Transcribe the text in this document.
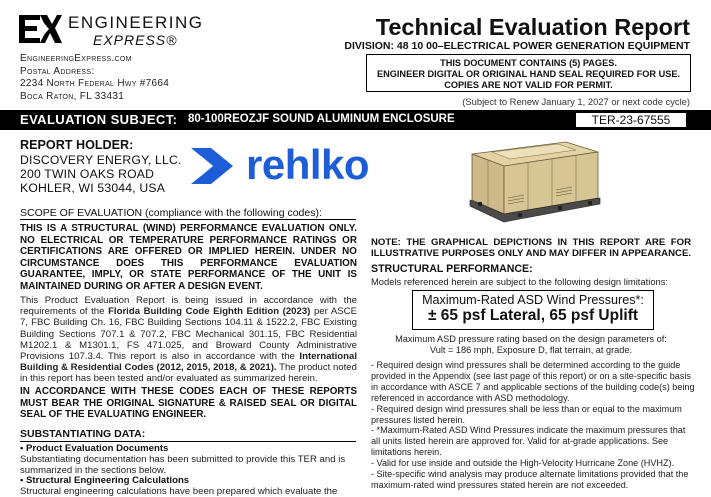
ENGINEERING
EXPRESS®
EngineeringExpress.com
Postal Address:
2234 North Federal Hwy #7664
Boca Raton, FL 33431
Technical Evaluation Report
DIVISION: 48 10 00–ELECTRICAL POWER GENERATION EQUIPMENT
THIS DOCUMENT CONTAINS (5) PAGES.
ENGINEER DIGITAL OR ORIGINAL HAND SEAL REQUIRED FOR USE.
COPIES ARE NOT VALID FOR PERMIT.
(Subject to Renew January 1, 2027 or next code cycle)
EVALUATION SUBJECT: 80-100REOZJF SOUND ALUMINUM ENCLOSURE	TER-23-67555
REPORT HOLDER:
DISCOVERY ENERGY, LLC.
200 TWIN OAKS ROAD
KOHLER, WI 53044, USA rehlko
SCOPE OF EVALUATION (compliance with the following codes):
THIS IS A STRUCTURAL (WIND) PERFORMANCE EVALUATION ONLY. NO ELECTRICAL OR TEMPERATURE PERFORMANCE RATINGS OR CERTIFICATIONS ARE OFFERED OR IMPLIED HEREIN. UNDER NO CIRCUMSTANCE DOES THIS PERFORMANCE EVALUATION GUARANTEE, IMPLY, OR STATE PERFORMANCE OF THE UNIT IS MAINTAINED DURING OR AFTER A DESIGN EVENT.
This Product Evaluation Report is being issued in accordance with the requirements of the Florida Building Code Eighth Edition (2023) per ASCE 7, FBC Building Ch. 16, FBC Building Sections 104.11 & 1522.2, FBC Existing Building Sections 707.1 & 707.2, FBC Mechanical 301.15, FBC Residential M1202.1 & M1301.1, FS 471.025, and Broward County Administrative Provisions 107.3.4. This report is also in accordance with the International Building & Residential Codes (2012, 2015, 2018, & 2021). The product noted in this report has been tested and/or evaluated as summarized herein.
IN ACCORDANCE WITH THESE CODES EACH OF THESE REPORTS MUST BEAR THE ORIGINAL SIGNATURE & RAISED SEAL OR DIGITAL SEAL OF THE EVALUATING ENGINEER.
SUBSTANTIATING DATA:
• Product Evaluation Documents
Substantiating documentation has been submitted to provide this TER and is
summarized in the sections below.
• Structural Engineering Calculations
Structural engineering calculations have been prepared which evaluate the
NOTE: THE GRAPHICAL DEPICTIONS IN THIS REPORT ARE FOR ILLUSTRATIVE PURPOSES ONLY AND MAY DIFFER IN APPEARANCE.
STRUCTURAL PERFORMANCE:
Models referenced herein are subject to the following design limitations:
Maximum-Rated ASD Wind Pressures*:
± 65 psf Lateral, 65 psf Uplift
Maximum ASD pressure rating based on the design parameters of:
Vult = 186 mph, Exposure D, flat terrain, at grade.
- Required design wind pressures shall be determined according to the guide provided in the Appendix (see last page of this report) or on a site-specific basis in accordance with ASCE 7 and applicable sections of the building code(s) being referenced in accordance with ASD methodology.
- Required design wind pressures shall be less than or equal to the maximum pressures listed herein.
- *Maximum-Rated ASD Wind Pressures indicate the maximum pressures that all units listed herein are approved for. Valid for at-grade applications. See limitations herein.
- Valid for use inside and outside the High-Velocity Hurricane Zone (HVHZ).
- Site-specific wind analysis may produce alternate limitations provided that the maximum-rated wind pressures stated herein are not exceeded.
